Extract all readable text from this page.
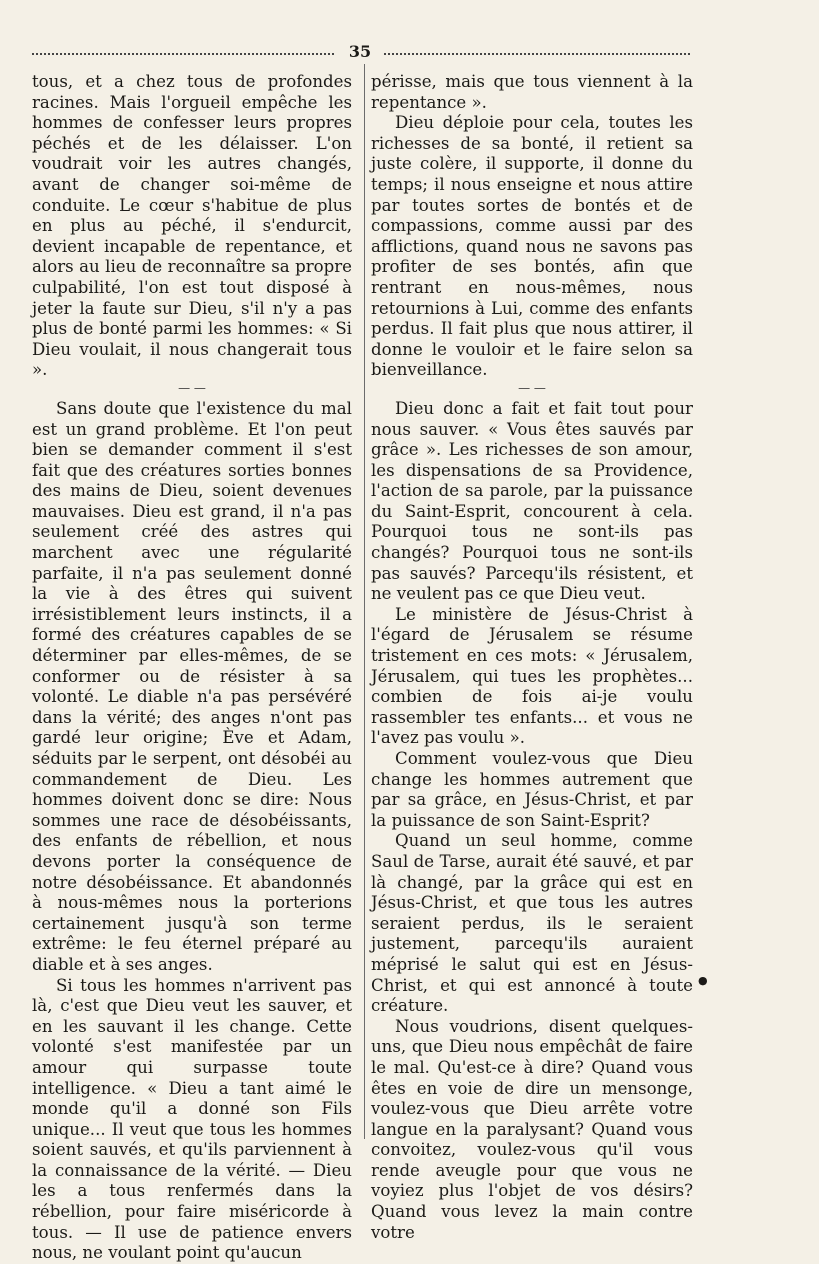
35

tous, et a chez tous de profondes racines. Mais l'orgueil empêche les hommes de confesser leurs propres péchés et de les délaisser. L'on voudrait voir les autres changés, avant de changer soi-même de conduite. Le cœur s'habitue de plus en plus au péché, il s'endurcit, devient incapable de repentance, et alors au lieu de reconnaître sa propre culpabilité, l'on est tout disposé à jeter la faute sur Dieu, s'il n'y a pas plus de bonté parmi les hommes: « Si Dieu voulait, il nous changerait tous ».

— —

Sans doute que l'existence du mal est un grand problème. Et l'on peut bien se demander comment il s'est fait que des créatures sorties bonnes des mains de Dieu, soient devenues mauvaises. Dieu est grand, il n'a pas seulement créé des astres qui marchent avec une régularité parfaite, il n'a pas seulement donné la vie à des êtres qui suivent irrésistiblement leurs instincts, il a formé des créatures capables de se déterminer par elles-mêmes, de se conformer ou de résister à sa volonté. Le diable n'a pas persévéré dans la vérité; des anges n'ont pas gardé leur origine; Ève et Adam, séduits par le serpent, ont désobéi au commandement de Dieu. Les hommes doivent donc se dire: Nous sommes une race de désobéissants, des enfants de rébellion, et nous devons porter la conséquence de notre désobéissance. Et abandonnés à nous-mêmes nous la porterions certainement jusqu'à son terme extrême: le feu éternel préparé au diable et à ses anges.

Si tous les hommes n'arrivent pas là, c'est que Dieu veut les sauver, et en les sauvant il les change. Cette volonté s'est manifestée par un amour qui surpasse toute intelligence. « Dieu a tant aimé le monde qu'il a donné son Fils unique... Il veut que tous les hommes soient sauvés, et qu'ils parviennent à la connaissance de la vérité. — Dieu les a tous renfermés dans la rébellion, pour faire miséricorde à tous. — Il use de patience envers nous, ne voulant point qu'aucun

périsse, mais que tous viennent à la repentance ».

Dieu déploie pour cela, toutes les richesses de sa bonté, il retient sa juste colère, il supporte, il donne du temps; il nous enseigne et nous attire par toutes sortes de bontés et de compassions, comme aussi par des afflictions, quand nous ne savons pas profiter de ses bontés, afin que rentrant en nous-mêmes, nous retournions à Lui, comme des enfants perdus. Il fait plus que nous attirer, il donne le vouloir et le faire selon sa bienveillance.

— —

Dieu donc a fait et fait tout pour nous sauver. « Vous êtes sauvés par grâce ». Les richesses de son amour, les dispensations de sa Providence, l'action de sa parole, par la puissance du Saint-Esprit, concourent à cela. Pourquoi tous ne sont-ils pas changés? Pourquoi tous ne sont-ils pas sauvés? Parcequ'ils résistent, et ne veulent pas ce que Dieu veut.

Le ministère de Jésus-Christ à l'égard de Jérusalem se résume tristement en ces mots: « Jérusalem, Jérusalem, qui tues les prophètes... combien de fois ai-je voulu rassembler tes enfants... et vous ne l'avez pas voulu ».

Comment voulez-vous que Dieu change les hommes autrement que par sa grâce, en Jésus-Christ, et par la puissance de son Saint-Esprit?

Quand un seul homme, comme Saul de Tarse, aurait été sauvé, et par là changé, par la grâce qui est en Jésus-Christ, et que tous les autres seraient perdus, ils le seraient justement, parcequ'ils auraient méprisé le salut qui est en Jésus-Christ, et qui est annoncé à toute créature.

Nous voudrions, disent quelques-uns, que Dieu nous empêchât de faire le mal. Qu'est-ce à dire? Quand vous êtes en voie de dire un mensonge, voulez-vous que Dieu arrête votre langue en la paralysant? Quand vous convoitez, voulez-vous qu'il vous rende aveugle pour que vous ne voyiez plus l'objet de vos désirs? Quand vous levez la main contre votre

●
